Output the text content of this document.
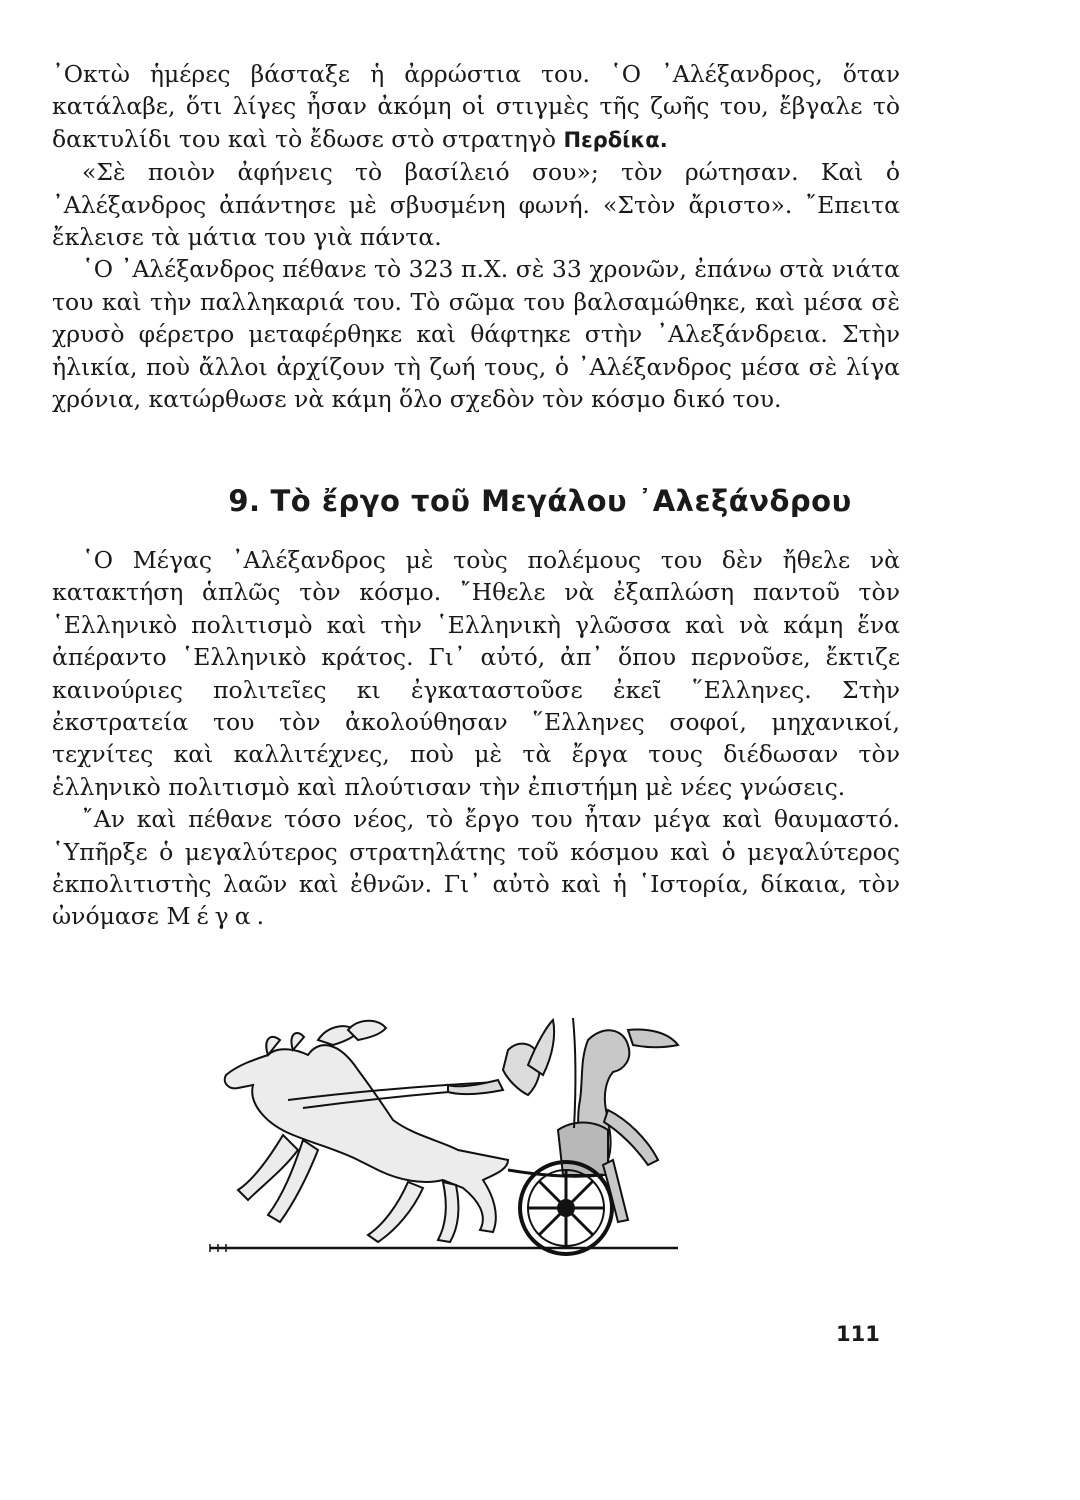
᾿Οκτὼ ἡμέρες βάσταξε ἡ ἀρρώστια του. ῾Ο ᾿Αλέξανδρος, ὅταν κατάλαβε, ὅτι λίγες ἦσαν ἀκόμη οἱ στιγμὲς τῆς ζωῆς του, ἔβγαλε τὸ δακτυλίδι του καὶ τὸ ἔδωσε στὸ στρατηγὸ Περδίκα.

«Σὲ ποιὸν ἀφήνεις τὸ βασίλειό σου»; τὸν ρώτησαν. Καὶ ὁ ᾿Αλέξανδρος ἀπάντησε μὲ σβυσμένη φωνή. «Στὸν ἄριστο». ῎Επειτα ἔκλεισε τὰ μάτια του γιὰ πάντα.

῾Ο ᾿Αλέξανδρος πέθανε τὸ 323 π.Χ. σὲ 33 χρονῶν, ἐπάνω στὰ νιάτα του καὶ τὴν παλληκαριά του. Τὸ σῶμα του βαλσαμώθηκε, καὶ μέσα σὲ χρυσὸ φέρετρο μεταφέρθηκε καὶ θάφτηκε στὴν ᾿Αλεξάνδρεια. Στὴν ἡλικία, ποὺ ἄλλοι ἀρχίζουν τὴ ζωή τους, ὁ ᾿Αλέξανδρος μέσα σὲ λίγα χρόνια, κατώρθωσε νὰ κάμη ὅλο σχεδὸν τὸν κόσμο δικό του.

9. Τὸ ἔργο τοῦ Μεγάλου ᾿Αλεξάνδρου

῾Ο Μέγας ᾿Αλέξανδρος μὲ τοὺς πολέμους του δὲν ἤθελε νὰ κατακτήση ἁπλῶς τὸν κόσμο. ῎Ηθελε νὰ ἐξαπλώση παντοῦ τὸν ῾Ελληνικὸ πολιτισμὸ καὶ τὴν ῾Ελληνικὴ γλῶσσα καὶ νὰ κάμη ἕνα ἀπέραντο ῾Ελληνικὸ κράτος. Γι᾿ αὐτό, ἀπ᾿ ὅπου περνοῦσε, ἔκτιζε καινούριες πολιτεῖες κι ἐγκαταστοῦσε ἐκεῖ ῞Ελληνες. Στὴν ἐκστρατεία του τὸν ἀκολούθησαν ῞Ελληνες σοφοί, μηχανικοί, τεχνίτες καὶ καλλιτέχνες, ποὺ μὲ τὰ ἔργα τους διέδωσαν τὸν ἑλληνικὸ πολιτισμὸ καὶ πλούτισαν τὴν ἐπιστήμη μὲ νέες γνώσεις.

῎Αν καὶ πέθανε τόσο νέος, τὸ ἔργο του ἦταν μέγα καὶ θαυμαστό. ῾Υπῆρξε ὁ μεγαλύτερος στρατηλάτης τοῦ κόσμου καὶ ὁ μεγαλύτερος ἐκπολιτιστὴς λαῶν καὶ ἐθνῶν. Γι᾿ αὐτὸ καὶ ἡ ῾Ιστορία, δίκαια, τὸν ὠνόμασε Μέγα.

111
